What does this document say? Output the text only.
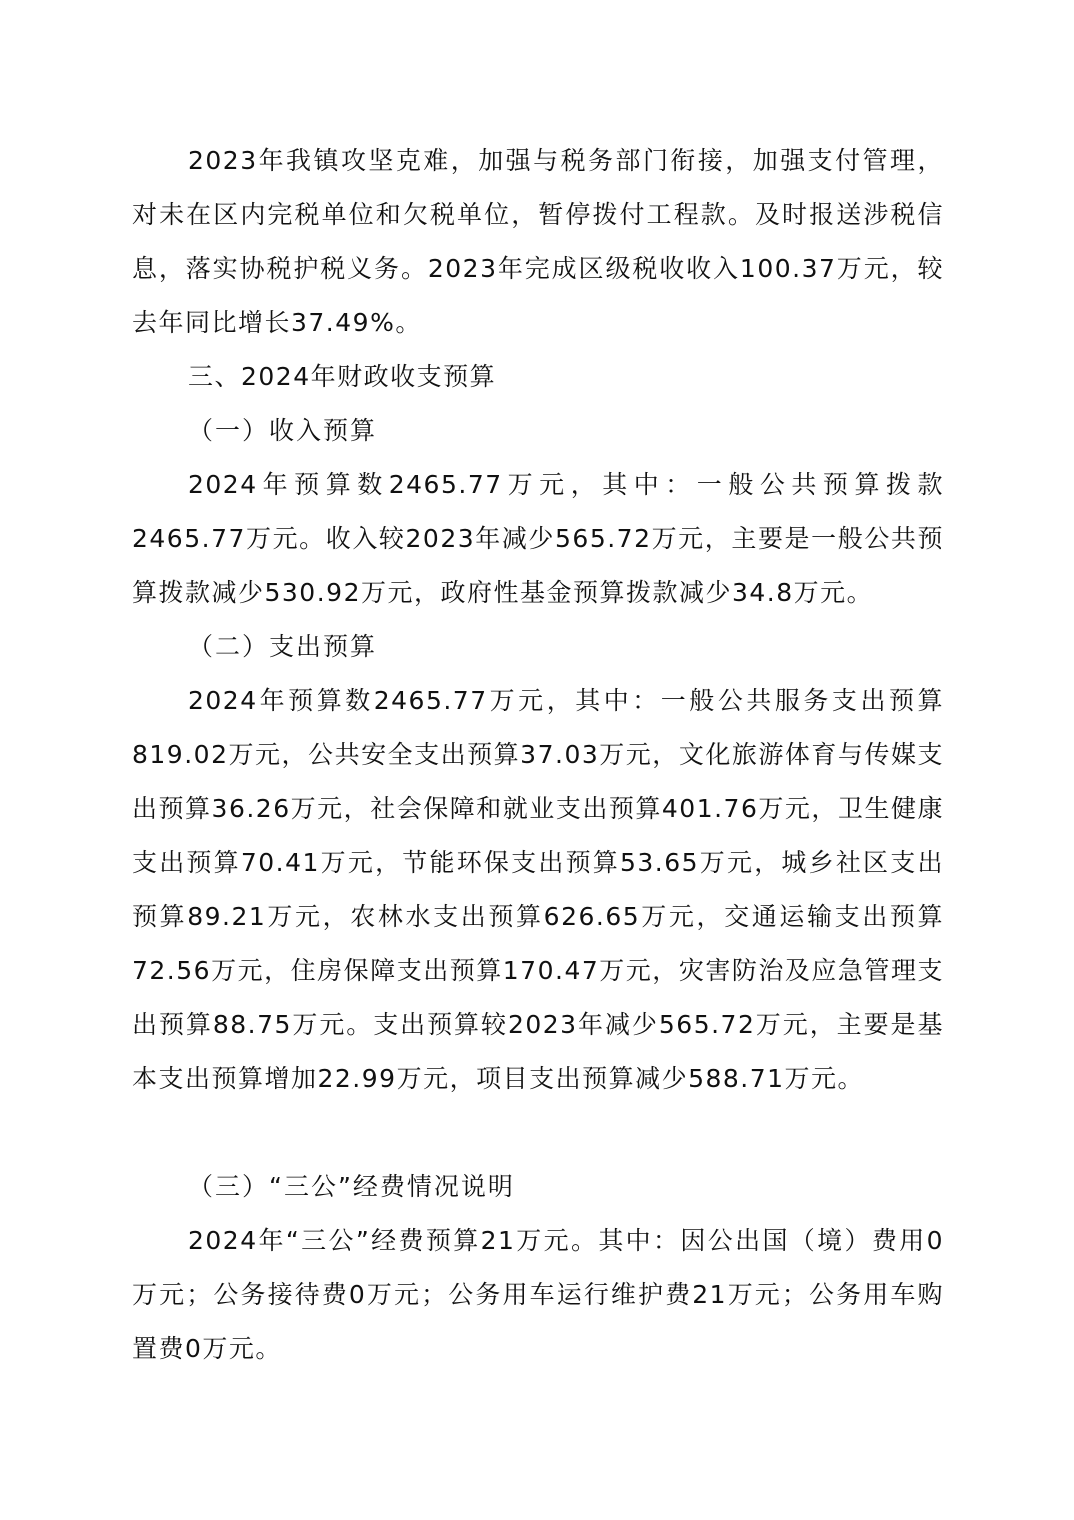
2023年我镇攻坚克难，加强与税务部门衔接，加强支付管理，对未在区内完税单位和欠税单位，暂停拨付工程款。及时报送涉税信息，落实协税护税义务。2023年完成区级税收收入100.37万元，较去年同比增长37.49%。

三、2024年财政收支预算

（一）收入预算

2024年预算数2465.77万元，其中：一般公共预算拨款2465.77万元。收入较2023年减少565.72万元，主要是一般公共预算拨款减少530.92万元，政府性基金预算拨款减少34.8万元。

（二）支出预算

2024年预算数2465.77万元，其中：一般公共服务支出预算819.02万元，公共安全支出预算37.03万元，文化旅游体育与传媒支出预算36.26万元，社会保障和就业支出预算401.76万元，卫生健康支出预算70.41万元，节能环保支出预算53.65万元，城乡社区支出预算89.21万元，农林水支出预算626.65万元，交通运输支出预算72.56万元，住房保障支出预算170.47万元，灾害防治及应急管理支出预算88.75万元。支出预算较2023年减少565.72万元，主要是基本支出预算增加22.99万元，项目支出预算减少588.71万元。

（三）“三公”经费情况说明

2024年“三公”经费预算21万元。其中：因公出国（境）费用0万元；公务接待费0万元；公务用车运行维护费21万元；公务用车购置费0万元。
